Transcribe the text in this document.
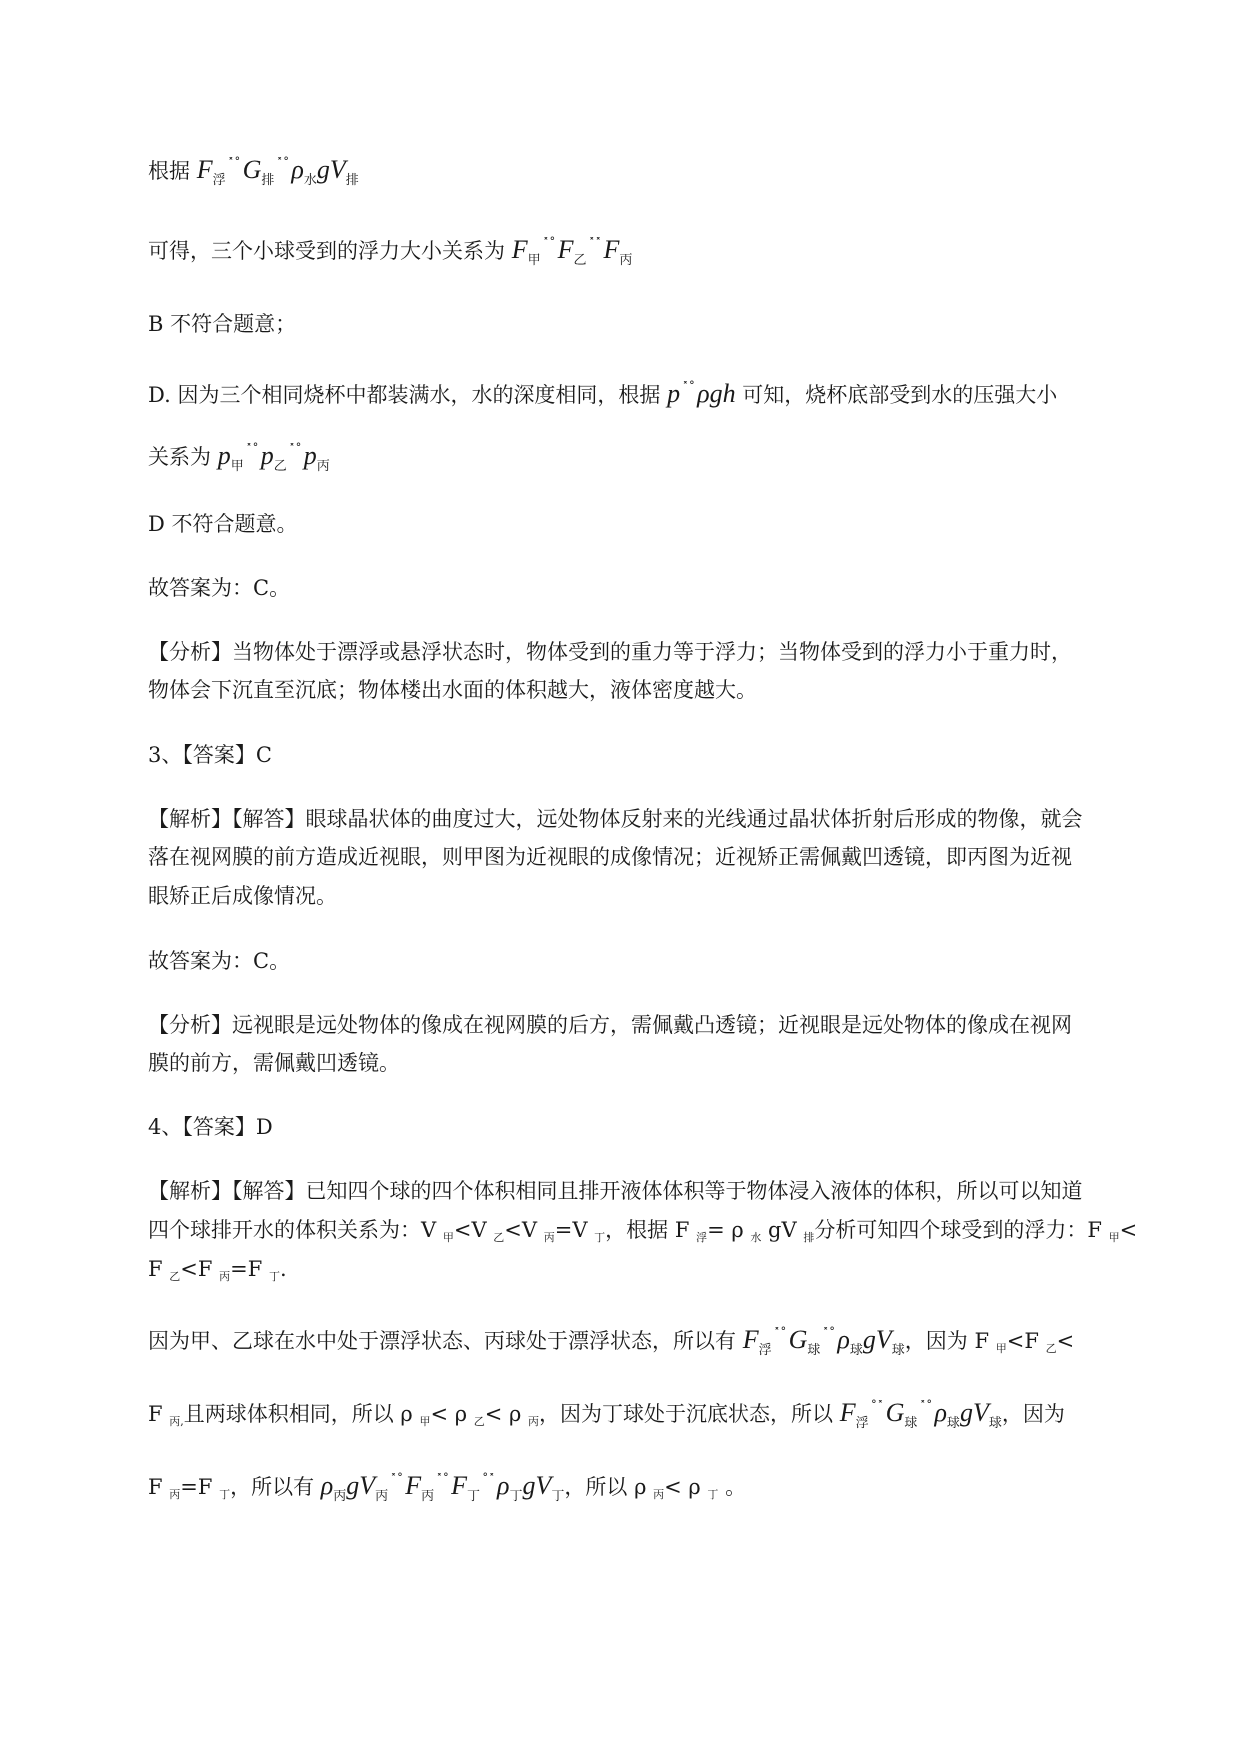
根据 $F_浮^{˟˚}G_排^{˟˚}\rho_水gV_排$
可得，三个小球受到的浮力大小关系为 $F_甲^{˟˚}F_乙^{˟˟}F_丙$
B 不符合题意；
D. 因为三个相同烧杯中都装满水，水的深度相同，根据 p ˟˚ρgh 可知，烧杯底部受到水的压强大小
关系为 $p_甲^{˟˚}p_乙^{˟˚}p_丙$
D 不符合题意。
故答案为：C。
【分析】当物体处于漂浮或悬浮状态时，物体受到的重力等于浮力；当物体受到的浮力小于重力时，
物体会下沉直至沉底；物体楼出水面的体积越大，液体密度越大。
3、【答案】C
【解析】【解答】眼球晶状体的曲度过大，远处物体反射来的光线通过晶状体折射后形成的物像，就会
落在视网膜的前方造成近视眼，则甲图为近视眼的成像情况；近视矫正需佩戴凹透镜，即丙图为近视
眼矫正后成像情况。
故答案为：C。
【分析】远视眼是远处物体的像成在视网膜的后方，需佩戴凸透镜；近视眼是远处物体的像成在视网
膜的前方，需佩戴凹透镜。
4、【答案】D
【解析】【解答】已知四个球的四个体积相同且排开液体体积等于物体浸入液体的体积，所以可以知道
四个球排开水的体积关系为：V 甲<V 乙<V 丙=V 丁，根据 F 浮= ρ 水 gV 排分析可知四个球受到的浮力：F 甲<
F 乙<F 丙=F 丁.
因为甲、乙球在水中处于漂浮状态、丙球处于漂浮状态，所以有 $F_浮^{˟˚}G_球^{˟˚}\rho_球gV_球$，因为 F 甲<F 乙<
F 丙,且两球体积相同，所以 ρ 甲< ρ 乙< ρ 丙，因为丁球处于沉底状态，所以 $F_浮^{˚˟}G_球^{˟˚}\rho_球gV_球$，因为
F 丙=F 丁，所以有 $\rho_丙gV_丙^{˟˚}F_丙^{˟˚}F_丁^{˚˟}\rho_丁gV_丁$，所以 ρ 丙< ρ 丁 。
